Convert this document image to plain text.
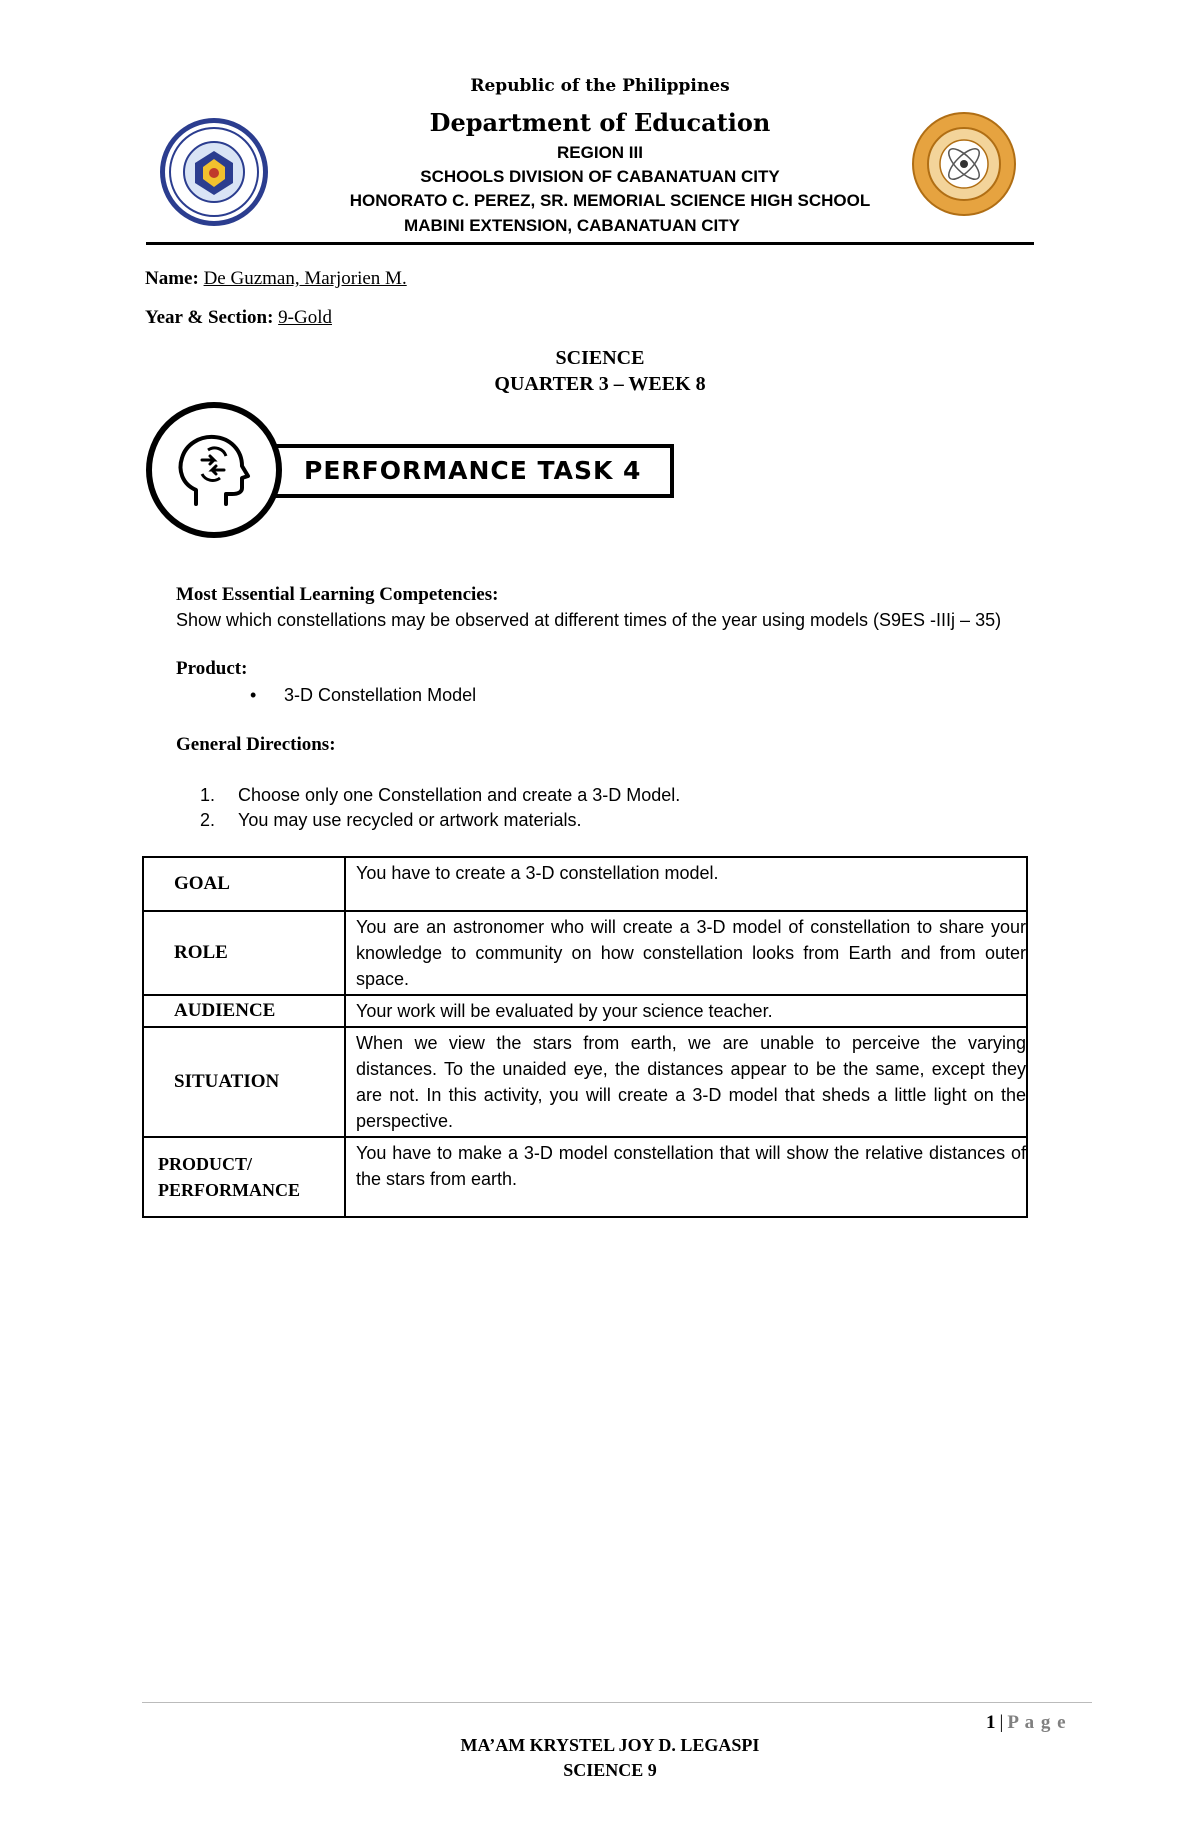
Republic of the Philippines
Department of Education
REGION III
SCHOOLS DIVISION OF CABANATUAN CITY
HONORATO C. PEREZ, SR. MEMORIAL SCIENCE HIGH SCHOOL
MABINI EXTENSION, CABANATUAN CITY
Name: De Guzman, Marjorien M.
Year & Section: 9-Gold
SCIENCE
QUARTER 3 – WEEK 8
PERFORMANCE TASK 4
Most Essential Learning Competencies:
Show which constellations may be observed at different times of the year using models (S9ES -IIIj – 35)
Product:
• 3-D Constellation Model
General Directions:
1. Choose only one Constellation and create a 3-D Model.
2. You may use recycled or artwork materials.
GOAL	You have to create a 3-D constellation model.
ROLE	You are an astronomer who will create a 3-D model of constellation to share your knowledge to community on how constellation looks from Earth and from outer space.
AUDIENCE	Your work will be evaluated by your science teacher.
SITUATION	When we view the stars from earth, we are unable to perceive the varying distances. To the unaided eye, the distances appear to be the same, except they are not. In this activity, you will create a 3-D model that sheds a little light on the perspective.
PRODUCT/ PERFORMANCE	You have to make a 3-D model constellation that will show the relative distances of the stars from earth.
1 | P a g e
MA’AM KRYSTEL JOY D. LEGASPI
SCIENCE 9
